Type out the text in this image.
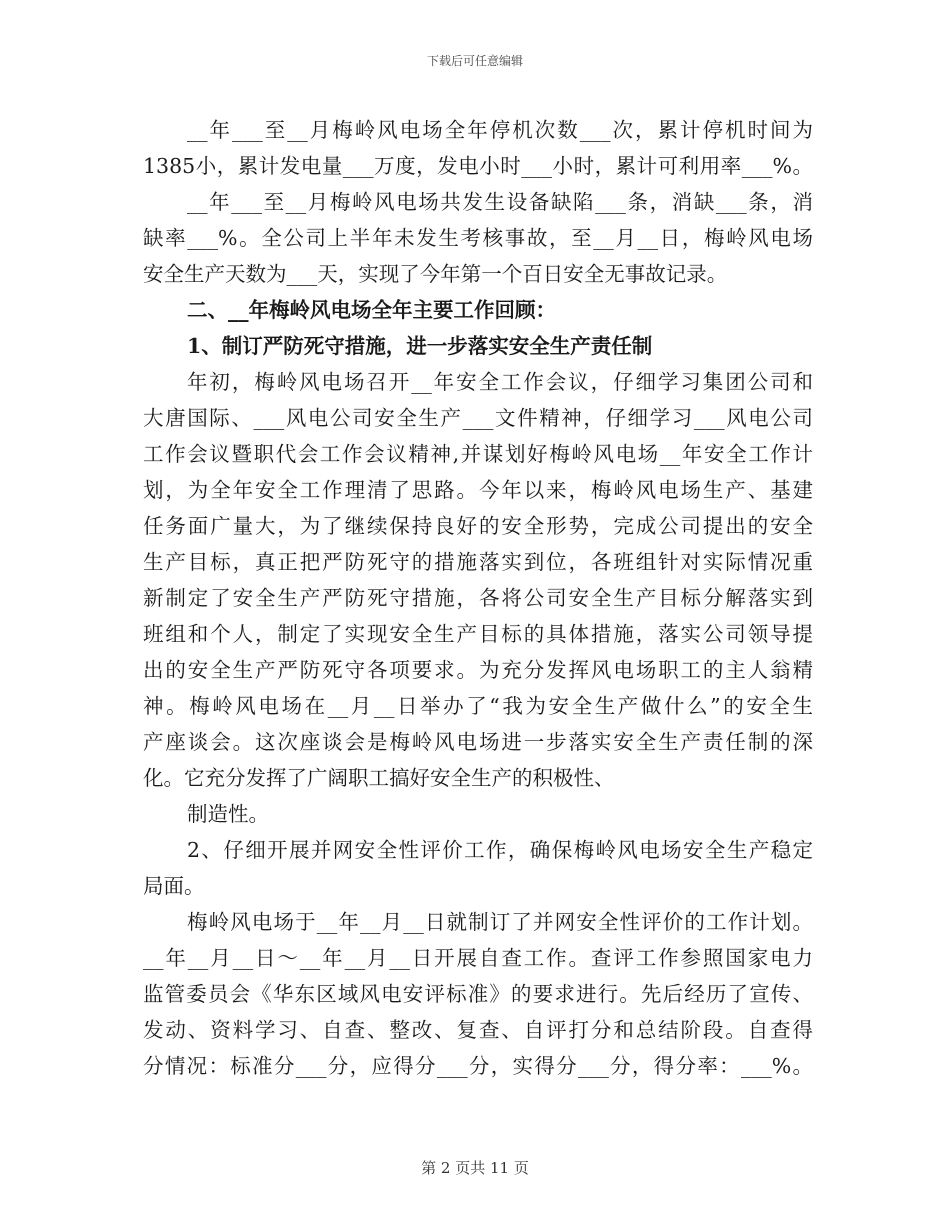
下载后可任意编辑
__年___至__月梅岭风电场全年停机次数___次，累计停机时间为
1385小，累计发电量___万度，发电小时___小时，累计可利用率___%。
__年___至__月梅岭风电场共发生设备缺陷___条，消缺___条，消
缺率___%。全公司上半年未发生考核事故，至__月__日，梅岭风电场
安全生产天数为___天，实现了今年第一个百日安全无事故记录。
二、__年梅岭风电场全年主要工作回顾：
1、制订严防死守措施，进一步落实安全生产责任制
年初，梅岭风电场召开__年安全工作会议，仔细学习集团公司和
大唐国际、___风电公司安全生产___文件精神，仔细学习___风电公司
工作会议暨职代会工作会议精神,并谋划好梅岭风电场__年安全工作计
划，为全年安全工作理清了思路。今年以来，梅岭风电场生产、基建
任务面广量大，为了继续保持良好的安全形势，完成公司提出的安全
生产目标，真正把严防死守的措施落实到位，各班组针对实际情况重
新制定了安全生产严防死守措施，各将公司安全生产目标分解落实到
班组和个人，制定了实现安全生产目标的具体措施，落实公司领导提
出的安全生产严防死守各项要求。为充分发挥风电场职工的主人翁精
神。梅岭风电场在__月__日举办了“我为安全生产做什么”的安全生
产座谈会。这次座谈会是梅岭风电场进一步落实安全生产责任制的深
化。它充分发挥了广阔职工搞好安全生产的积极性、
制造性。
2、仔细开展并网安全性评价工作，确保梅岭风电场安全生产稳定
局面。
梅岭风电场于__年__月__日就制订了并网安全性评价的工作计划。
__年__月__日～__年__月__日开展自查工作。查评工作参照国家电力
监管委员会《华东区域风电安评标准》的要求进行。先后经历了宣传、
发动、资料学习、自查、整改、复查、自评打分和总结阶段。自查得
分情况：标准分___分，应得分___分，实得分___分，得分率：___%。
第 2 页共 11 页
